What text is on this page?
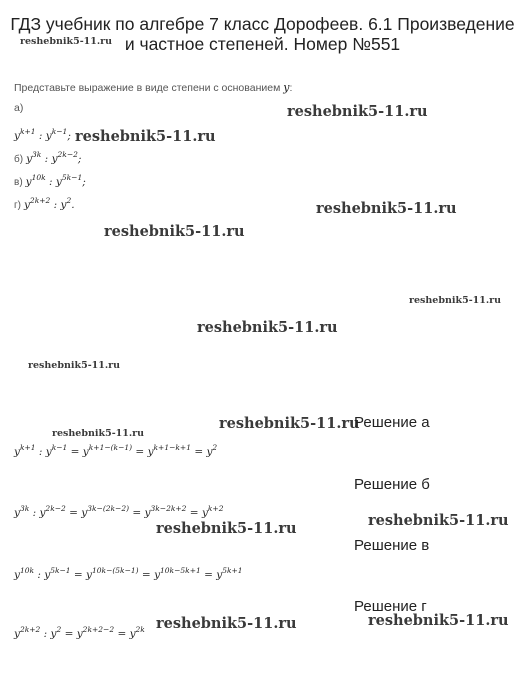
ГДЗ учебник по алгебре 7 класс Дорофеев. 6.1 Произведение
и частное степеней. Номер №551
reshebnik5-11.ru
reshebnik5-11.ru
reshebnik5-11.ru
reshebnik5-11.ru
reshebnik5-11.ru
reshebnik5-11.ru
reshebnik5-11.ru
reshebnik5-11.ru
reshebnik5-11.ru
reshebnik5-11.ru
reshebnik5-11.ru
reshebnik5-11.ru
reshebnik5-11.ru	reshebnik5-11.ru
Представьте выражение в виде степени с основанием y:
а)
$y^{k+1}$ : $y^{k-1}$;
б) $y^{3k}$ : $y^{2k-2}$;
в) $y^{10k}$ : $y^{5k-1}$;
г) $y^{2k+2}$ : $y^2$.
Решение а
$y^{k+1}$ : $y^{k-1} = y^{k+1-(k-1)} = y^{k+1-k+1} = y^2$
Решение б
$y^{3k}$ : $y^{2k-2} = y^{3k-(2k-2)} = y^{3k-2k+2} = y^{k+2}$
Решение в
$y^{10k}$ : $y^{5k-1} = y^{10k-(5k-1)} = y^{10k-5k+1} = y^{5k+1}$
Решение г
$y^{2k+2}$ : $y^2 = y^{2k+2-2} = y^{2k}$
